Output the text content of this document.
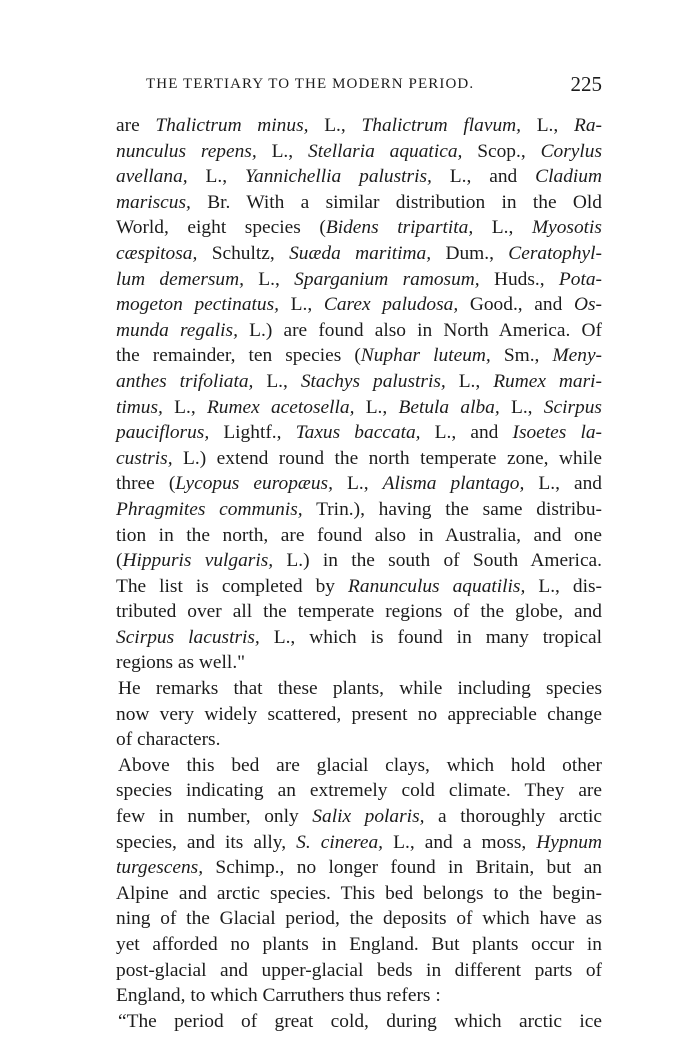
THE TERTIARY TO THE MODERN PERIOD.	225
are Thalictrum minus, L., Thalictrum flavum, L., Ra-
nunculus repens, L., Stellaria aquatica, Scop., Corylus
avellana, L., Yannichellia palustris, L., and Cladium
mariscus, Br. With a similar distribution in the Old
World, eight species (Bidens tripartita, L., Myosotis
cæspitosa, Schultz, Suæda maritima, Dum., Ceratophyl-
lum demersum, L., Sparganium ramosum, Huds., Pota-
mogeton pectinatus, L., Carex paludosa, Good., and Os-
munda regalis, L.) are found also in North America. Of
the remainder, ten species (Nuphar luteum, Sm., Meny-
anthes trifoliata, L., Stachys palustris, L., Rumex mari-
timus, L., Rumex acetosella, L., Betula alba, L., Scirpus
pauciflorus, Lightf., Taxus baccata, L., and Isoetes la-
custris, L.) extend round the north temperate zone, while
three (Lycopus europæus, L., Alisma plantago, L., and
Phragmites communis, Trin.), having the same distribu-
tion in the north, are found also in Australia, and one
(Hippuris vulgaris, L.) in the south of South America.
The list is completed by Ranunculus aquatilis, L., dis-
tributed over all the temperate regions of the globe, and
Scirpus lacustris, L., which is found in many tropical
regions as well."
He remarks that these plants, while including species
now very widely scattered, present no appreciable change
of characters.
Above this bed are glacial clays, which hold other
species indicating an extremely cold climate. They are
few in number, only Salix polaris, a thoroughly arctic
species, and its ally, S. cinerea, L., and a moss, Hypnum
turgescens, Schimp., no longer found in Britain, but an
Alpine and arctic species. This bed belongs to the begin-
ning of the Glacial period, the deposits of which have as
yet afforded no plants in England. But plants occur in
post-glacial and upper-glacial beds in different parts of
England, to which Carruthers thus refers :
“The period of great cold, during which arctic ice
